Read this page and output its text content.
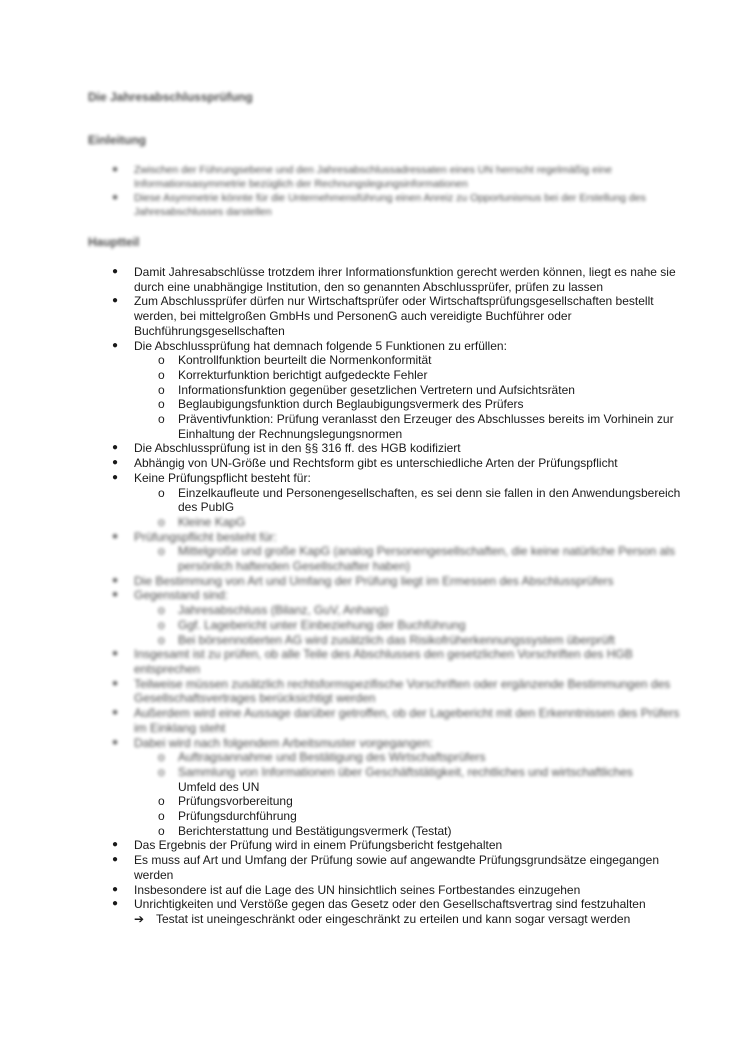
Die Jahresabschlussprüfung
Einleitung
● Zwischen der Führungsebene und den Jahresabschlussadressaten eines UN herrscht regelmäßig eine Informationsasymmetrie bezüglich der Rechnungslegungsinformationen
● Diese Asymmetrie könnte für die Unternehmensführung einen Anreiz zu Opportunismus bei der Erstellung des Jahresabschlusses darstellen
Hauptteil
● Damit Jahresabschlüsse trotzdem ihrer Informationsfunktion gerecht werden können, liegt es nahe sie durch eine unabhängige Institution, den so genannten Abschlussprüfer, prüfen zu lassen
● Zum Abschlussprüfer dürfen nur Wirtschaftsprüfer oder Wirtschaftsprüfungsgesellschaften bestellt werden, bei mittelgroßen GmbHs und PersonenG auch vereidigte Buchführer oder Buchführungsgesellschaften
● Die Abschlussprüfung hat demnach folgende 5 Funktionen zu erfüllen:
o Kontrollfunktion beurteilt die Normenkonformität
o Korrekturfunktion berichtigt aufgedeckte Fehler
o Informationsfunktion gegenüber gesetzlichen Vertretern und Aufsichtsräten
o Beglaubigungsfunktion durch Beglaubigungsvermerk des Prüfers
o Präventivfunktion: Prüfung veranlasst den Erzeuger des Abschlusses bereits im Vorhinein zur Einhaltung der Rechnungslegungsnormen
● Die Abschlussprüfung ist in den §§ 316 ff. des HGB kodifiziert
● Abhängig von UN-Größe und Rechtsform gibt es unterschiedliche Arten der Prüfungspflicht
● Keine Prüfungspflicht besteht für:
o Einzelkaufleute und Personengesellschaften, es sei denn sie fallen in den Anwendungsbereich des PublG
o Kleine KapG
● Prüfungspflicht besteht für:
o Mittelgroße und große KapG (analog Personengesellschaften, die keine natürliche Person als persönlich haftenden Gesellschafter haben)
● Die Bestimmung von Art und Umfang der Prüfung liegt im Ermessen des Abschlussprüfers
● Gegenstand sind:
o Jahresabschluss (Bilanz, GuV, Anhang)
o Ggf. Lagebericht unter Einbeziehung der Buchführung
o Bei börsennotierten AG wird zusätzlich das Risikofrüherkennungssystem überprüft
● Insgesamt ist zu prüfen, ob alle Teile des Abschlusses den gesetzlichen Vorschriften des HGB entsprechen
● Teilweise müssen zusätzlich rechtsformspezifische Vorschriften oder ergänzende Bestimmungen des Gesellschaftsvertrages berücksichtigt werden
● Außerdem wird eine Aussage darüber getroffen, ob der Lagebericht mit den Erkenntnissen des Prüfers im Einklang steht
● Dabei wird nach folgendem Arbeitsmuster vorgegangen:
o Auftragsannahme und Bestätigung des Wirtschaftsprüfers
o Sammlung von Informationen über Geschäftstätigkeit, rechtliches und wirtschaftliches
Umfeld des UN
o Prüfungsvorbereitung
o Prüfungsdurchführung
o Berichterstattung und Bestätigungsvermerk (Testat)
● Das Ergebnis der Prüfung wird in einem Prüfungsbericht festgehalten
● Es muss auf Art und Umfang der Prüfung sowie auf angewandte Prüfungsgrundsätze eingegangen werden
● Insbesondere ist auf die Lage des UN hinsichtlich seines Fortbestandes einzugehen
● Unrichtigkeiten und Verstöße gegen das Gesetz oder den Gesellschaftsvertrag sind festzuhalten
➔ Testat ist uneingeschränkt oder eingeschränkt zu erteilen und kann sogar versagt werden
